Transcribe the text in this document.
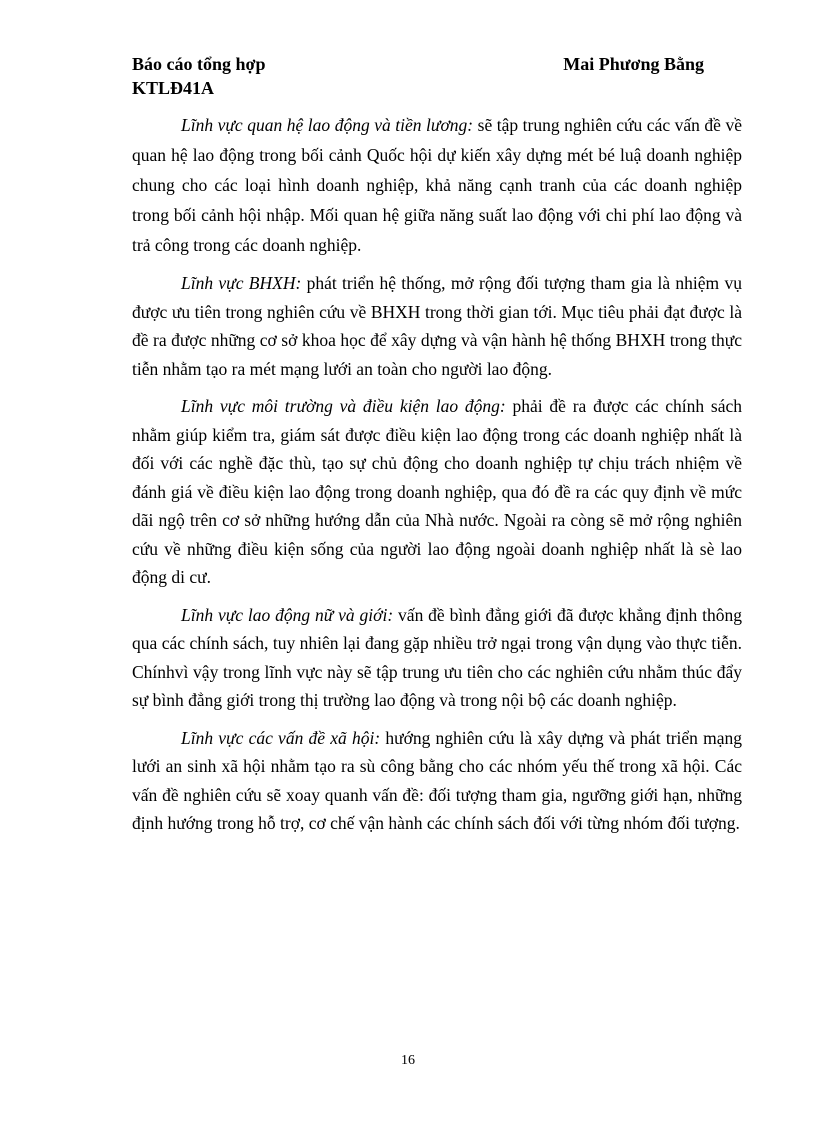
Báo cáo tổng hợp	Mai Phương Bằng
KTLĐ41A

Lĩnh vực quan hệ lao động và tiền lương: sẽ tập trung nghiên cứu các vấn đề về quan hệ lao động trong bối cảnh Quốc hội dự kiến xây dựng mét bé luậ doanh nghiệp chung cho các loại hình doanh nghiệp, khả năng cạnh tranh của các doanh nghiệp trong bối cảnh hội nhập. Mối quan hệ giữa năng suất lao động với chi phí lao động và trả công trong các doanh nghiệp.

Lĩnh vực BHXH: phát triển hệ thống, mở rộng đối tượng tham gia là nhiệm vụ được ưu tiên trong nghiên cứu về BHXH trong thời gian tới. Mục tiêu phải đạt được là đề ra được những cơ sở khoa học để xây dựng và vận hành hệ thống BHXH trong thực tiễn nhằm tạo ra mét mạng lưới an toàn cho người lao động.

Lĩnh vực môi trường và điều kiện lao động: phải đề ra được các chính sách nhằm giúp kiểm tra, giám sát được điều kiện lao động trong các doanh nghiệp nhất là đối với các nghề đặc thù, tạo sự chủ động cho doanh nghiệp tự chịu trách nhiệm về đánh giá về điều kiện lao động trong doanh nghiệp, qua đó đề ra các quy định về mức dãi ngộ trên cơ sở những hướng dẫn của Nhà nước. Ngoài ra còng sẽ mở rộng nghiên cứu về những điều kiện sống của người lao động ngoài doanh nghiệp nhất là sè lao động di cư.

Lĩnh vực lao động nữ và giới: vấn đề bình đẳng giới đã được khẳng định thông qua các chính sách, tuy nhiên lại đang gặp nhiều trở ngại trong vận dụng vào thực tiễn. Chínhvì vậy trong lĩnh vực này sẽ tập trung ưu tiên cho các nghiên cứu nhằm thúc đẩy sự bình đẳng giới trong thị trường lao động và trong nội bộ các doanh nghiệp.

Lĩnh vực các vấn đề xã hội: hướng nghiên cứu là xây dựng và phát triển mạng lưới an sinh xã hội nhằm tạo ra sù công bằng cho các nhóm yếu thế trong xã hội. Các vấn đề nghiên cứu sẽ xoay quanh vấn đề: đối tượng tham gia, ngưỡng giới hạn, những định hướng trong hỗ trợ, cơ chế vận hành các chính sách đối với từng nhóm đối tượng.

16
